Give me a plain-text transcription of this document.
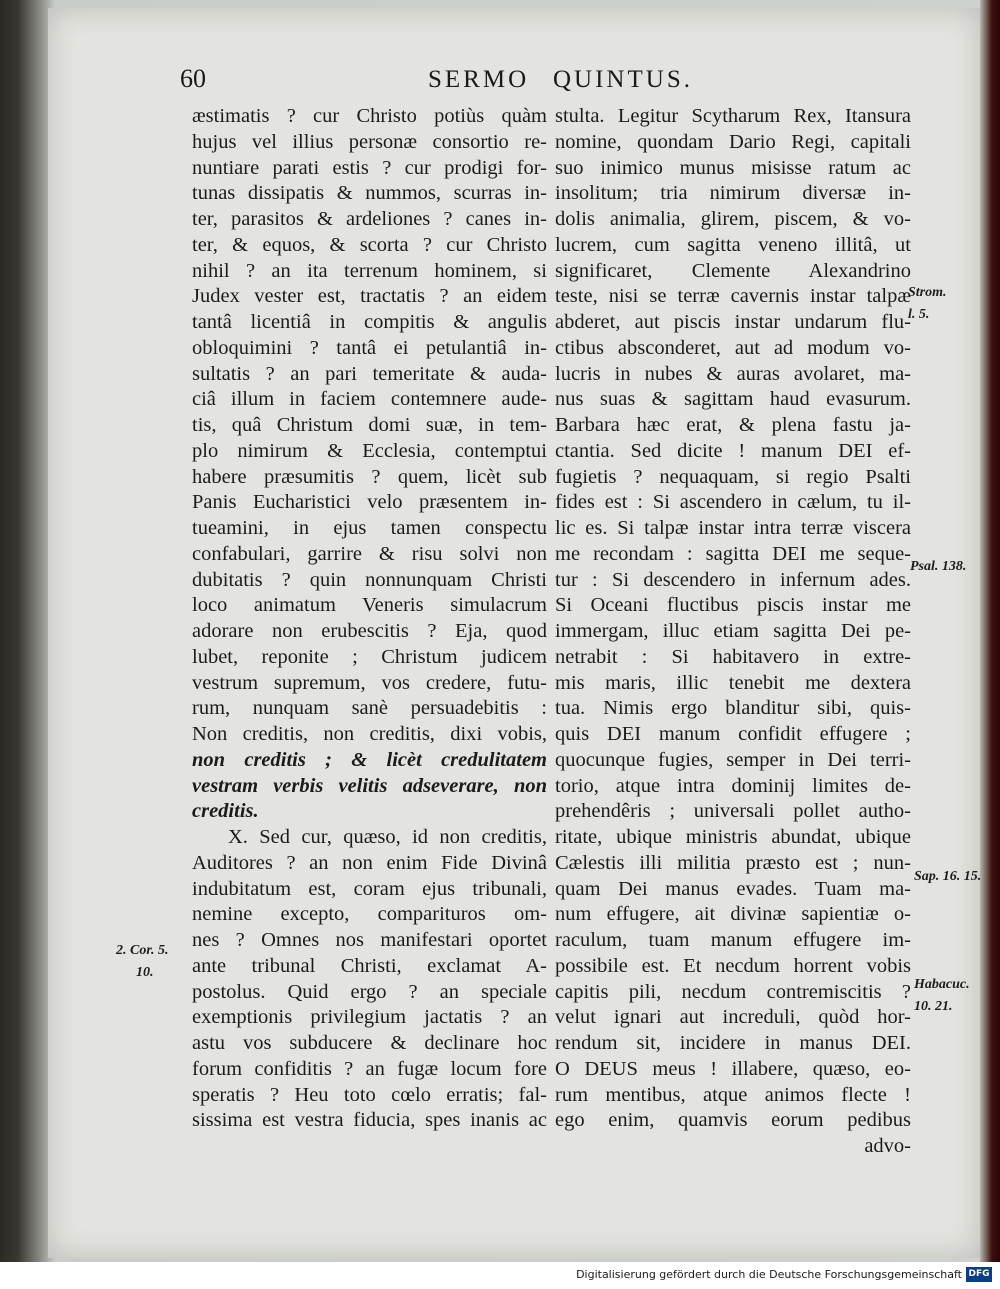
60	SERMO QUINTUS.
æstimatis ? cur Christo potiùs quàm
hujus vel illius personæ consortio re-
nuntiare parati estis ? cur prodigi for-
tunas dissipatis & nummos, scurras in-
ter, parasitos & ardeliones ? canes in-
ter, & equos, & scorta ? cur Christo
nihil ? an ita terrenum hominem, si
Judex vester est, tractatis ? an eidem
tantâ licentiâ in compitis & angulis
obloquimini ? tantâ ei petulantiâ in-
sultatis ? an pari temeritate & auda-
ciâ illum in faciem contemnere aude-
tis, quâ Christum domi suæ, in tem-
plo nimirum & Ecclesia, contemptui
habere præsumitis ? quem, licèt sub
Panis Eucharistici velo præsentem in-
tueamini, in ejus tamen conspectu
confabulari, garrire & risu solvi non
dubitatis ? quin nonnunquam Christi
loco animatum Veneris simulacrum
adorare non erubescitis ? Eja, quod
lubet, reponite ; Christum judicem
vestrum supremum, vos credere, futu-
rum, nunquam sanè persuadebitis :
Non creditis, non creditis, dixi vobis,
non creditis ; & licèt credulitatem
vestram verbis velitis adseverare, non
creditis.
X. Sed cur, quæso, id non creditis,
Auditores ? an non enim Fide Divinâ
indubitatum est, coram ejus tribunali,
nemine excepto, comparituros om-
nes ? Omnes nos manifestari oportet
ante tribunal Christi, exclamat A-
postolus. Quid ergo ? an speciale
exemptionis privilegium jactatis ? an
astu vos subducere & declinare hoc
forum confiditis ? an fugæ locum fore
speratis ? Heu toto cœlo erratis; fal-
sissima est vestra fiducia, spes inanis ac
stulta. Legitur Scytharum Rex, Itansura
nomine, quondam Dario Regi, capitali
suo inimico munus misisse ratum ac
insolitum; tria nimirum diversæ in-
dolis animalia, glirem, piscem, & vo-
lucrem, cum sagitta veneno illitâ, ut
significaret, Clemente Alexandrino
teste, nisi se terræ cavernis instar talpæ
abderet, aut piscis instar undarum flu-
ctibus absconderet, aut ad modum vo-
lucris in nubes & auras avolaret, ma-
nus suas & sagittam haud evasurum.
Barbara hæc erat, & plena fastu ja-
ctantia. Sed dicite ! manum DEI ef-
fugietis ? nequaquam, si regio Psalti
fides est : Si ascendero in cælum, tu il-
lic es. Si talpæ instar intra terræ viscera
me recondam : sagitta DEI me seque-
tur : Si descendero in infernum ades.
Si Oceani fluctibus piscis instar me
immergam, illuc etiam sagitta Dei pe-
netrabit : Si habitavero in extre-
mis maris, illic tenebit me dextera
tua. Nimis ergo blanditur sibi, quis-
quis DEI manum confidit effugere ;
quocunque fugies, semper in Dei terri-
torio, atque intra dominij limites de-
prehendêris ; universali pollet autho-
ritate, ubique ministris abundat, ubique
Cælestis illi militia præsto est ; nun-
quam Dei manus evades. Tuam ma-
num effugere, ait divinæ sapientiæ o-
raculum, tuam manum effugere im-
possibile est. Et necdum horrent vobis
capitis pili, necdum contremiscitis ?
velut ignari aut increduli, quòd hor-
rendum sit, incidere in manus DEI.
O DEUS meus ! illabere, quæso, eo-
rum mentibus, atque animos flecte !
ego enim, quamvis eorum pedibus
advo-
2. Cor. 5.
10.
Strom.
l. 5.
Psal. 138.
Sap. 16. 15.
Habacuc.
10. 21.
Digitalisierung gefördert durch die Deutsche Forschungsgemeinschaft DFG
